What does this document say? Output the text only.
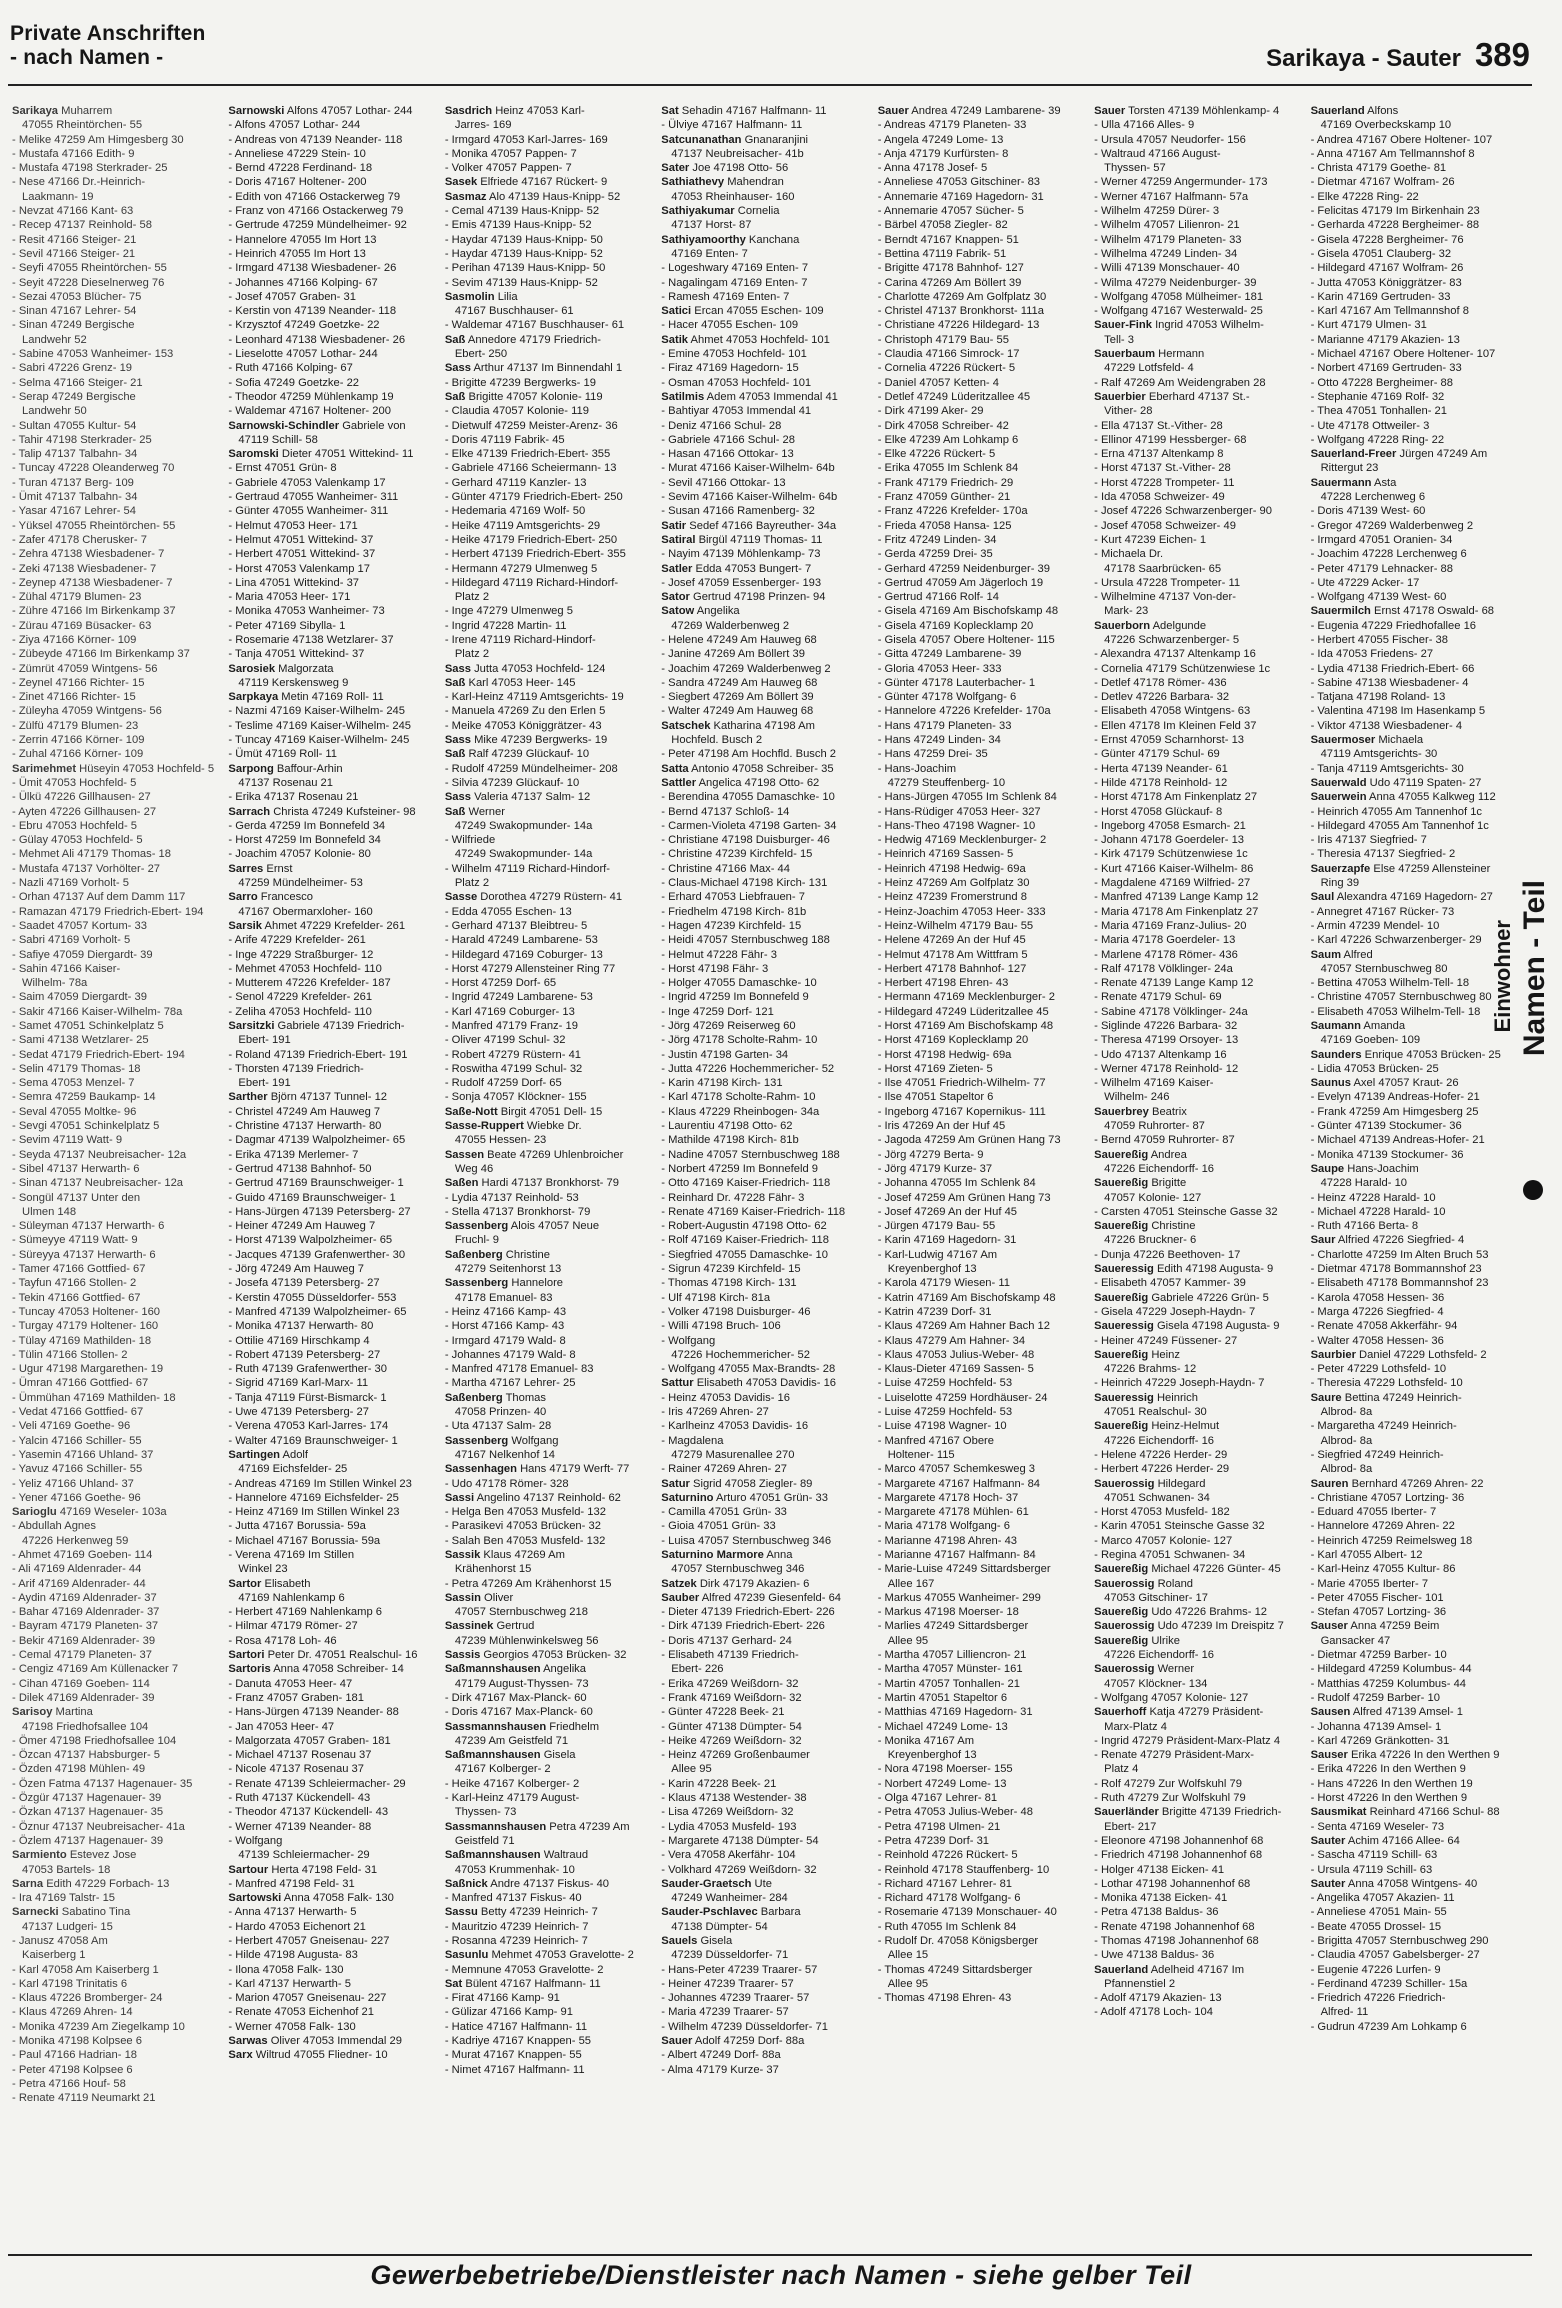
Private Anschriften
- nach Namen -	Sarikaya - Sauter 389
Sarikaya Muharrem
47055 Rheintörchen- 55
- Melike 47259 Am Himgesberg 30
- Mustafa 47166 Edith- 9
- Mustafa 47198 Sterkrader- 25
- Nese 47166 Dr.-Heinrich-
Laakmann- 19
- Nevzat 47166 Kant- 63
- Recep 47137 Reinhold- 58
- Resit 47166 Steiger- 21
- Sevil 47166 Steiger- 21
- Seyfi 47055 Rheintörchen- 55
- Seyit 47228 Dieselnerweg 76
- Sezai 47053 Blücher- 75
- Sinan 47167 Lehrer- 54
- Sinan 47249 Bergische
Landwehr 52
- Sabine 47053 Wanheimer- 153
- Sabri 47226 Grenz- 19
- Selma 47166 Steiger- 21
- Serap 47249 Bergische
Landwehr 50
- Sultan 47055 Kultur- 54
- Tahir 47198 Sterkrader- 25
- Talip 47137 Talbahn- 34
- Tuncay 47228 Oleanderweg 70
- Turan 47137 Berg- 109
- Ümit 47137 Talbahn- 34
- Yasar 47167 Lehrer- 54
- Yüksel 47055 Rheintörchen- 55
- Zafer 47178 Cherusker- 7
- Zehra 47138 Wiesbadener- 7
- Zeki 47138 Wiesbadener- 7
- Zeynep 47138 Wiesbadener- 7
- Zühal 47179 Blumen- 23
- Zühre 47166 Im Birkenkamp 37
- Zürau 47169 Büsacker- 63
- Ziya 47166 Körner- 109
- Zübeyde 47166 Im Birkenkamp 37
- Zümrüt 47059 Wintgens- 56
- Zeynel 47166 Richter- 15
- Zinet 47166 Richter- 15
- Züleyha 47059 Wintgens- 56
- Zülfü 47179 Blumen- 23
- Zerrin 47166 Körner- 109
- Zuhal 47166 Körner- 109
Sarimehmet Hüseyin 47053 Hochfeld- 5
- Ümit 47053 Hochfeld- 5
- Ülkü 47226 Gillhausen- 27
- Ayten 47226 Gillhausen- 27
- Ebru 47053 Hochfeld- 5
- Gülay 47053 Hochfeld- 5
- Mehmet Ali 47179 Thomas- 18
- Mustafa 47137 Vorhölter- 27
- Nazli 47169 Vorholt- 5
- Orhan 47137 Auf dem Damm 117
- Ramazan 47179 Friedrich-Ebert- 194
- Saadet 47057 Kortum- 33
- Sabri 47169 Vorholt- 5
- Safiye 47059 Diergardt- 39
- Sahin 47166 Kaiser-
Wilhelm- 78a
- Saim 47059 Diergardt- 39
- Sakir 47166 Kaiser-Wilhelm- 78a
- Samet 47051 Schinkelplatz 5
- Sami 47138 Wetzlarer- 25
- Sedat 47179 Friedrich-Ebert- 194
- Selin 47179 Thomas- 18
- Sema 47053 Menzel- 7
- Semra 47259 Baukamp- 14
- Seval 47055 Moltke- 96
- Sevgi 47051 Schinkelplatz 5
- Sevim 47119 Watt- 9
- Seyda 47137 Neubreisacher- 12a
- Sibel 47137 Herwarth- 6
- Sinan 47137 Neubreisacher- 12a
- Songül 47137 Unter den
Ulmen 148
- Süleyman 47137 Herwarth- 6
- Sümeyye 47119 Watt- 9
- Süreyya 47137 Herwarth- 6
- Tamer 47166 Gottfied- 67
- Tayfun 47166 Stollen- 2
- Tekin 47166 Gottfied- 67
- Tuncay 47053 Holtener- 160
- Turgay 47179 Holtener- 160
- Tülay 47169 Mathilden- 18
- Tülin 47166 Stollen- 2
- Ugur 47198 Margarethen- 19
- Ümran 47166 Gottfied- 67
- Ümmühan 47169 Mathilden- 18
- Vedat 47166 Gottfied- 67
- Veli 47169 Goethe- 96
- Yalcin 47166 Schiller- 55
- Yasemin 47166 Uhland- 37
- Yavuz 47166 Schiller- 55
- Yeliz 47166 Uhland- 37
- Yener 47166 Goethe- 96
Sarioglu 47169 Weseler- 103a
- Abdullah Agnes
47226 Herkenweg 59
- Ahmet 47169 Goeben- 114
- Ali 47169 Aldenrader- 44
- Arif 47169 Aldenrader- 44
- Aydin 47169 Aldenrader- 37
- Bahar 47169 Aldenrader- 37
- Bayram 47179 Planeten- 37
- Bekir 47169 Aldenrader- 39
- Cemal 47179 Planeten- 37
- Cengiz 47169 Am Küllenacker 7
- Cihan 47169 Goeben- 114
- Dilek 47169 Aldenrader- 39
Sarisoy Martina
47198 Friedhofsallee 104
- Ömer 47198 Friedhofsallee 104
- Özcan 47137 Habsburger- 5
- Özden 47198 Mühlen- 49
- Özen Fatma 47137 Hagenauer- 35
- Özgür 47137 Hagenauer- 39
- Özkan 47137 Hagenauer- 35
- Öznur 47137 Neubreisacher- 41a
- Özlem 47137 Hagenauer- 39
Sarmiento Estevez Jose
47053 Bartels- 18
Sarna Edith 47229 Forbach- 13
- Ira 47169 Talstr- 15
Sarnecki Sabatino Tina
47137 Ludgeri- 15
- Janusz 47058 Am
Kaiserberg 1
- Karl 47058 Am Kaiserberg 1
- Karl 47198 Trinitatis 6
- Klaus 47226 Bromberger- 24
- Klaus 47269 Ahren- 14
- Monika 47239 Am Ziegelkamp 10
- Monika 47198 Kolpsee 6
- Paul 47166 Hadrian- 18
- Peter 47198 Kolpsee 6
- Petra 47166 Houf- 58
- Renate 47119 Neumarkt 21
Sarnowski Alfons 47057 Lothar- 244
- Alfons 47057 Lothar- 244
- Andreas von 47139 Neander- 118
- Anneliese 47229 Stein- 10
- Bernd 47228 Ferdinand- 18
- Doris 47167 Holtener- 200
- Edith von 47166 Ostackerweg 79
- Franz von 47166 Ostackerweg 79
- Gertrude 47259 Mündelheimer- 92
- Hannelore 47055 Im Hort 13
- Heinrich 47055 Im Hort 13
- Irmgard 47138 Wiesbadener- 26
- Johannes 47166 Kolping- 67
- Josef 47057 Graben- 31
- Kerstin von 47139 Neander- 118
- Krzysztof 47249 Goetzke- 22
- Leonhard 47138 Wiesbadener- 26
- Lieselotte 47057 Lothar- 244
- Ruth 47166 Kolping- 67
- Sofia 47249 Goetzke- 22
- Theodor 47259 Mühlenkamp 19
- Waldemar 47167 Holtener- 200
Sarnowski-Schindler Gabriele von
47119 Schill- 58
Saromski Dieter 47051 Wittekind- 11
- Ernst 47051 Grün- 8
- Gabriele 47053 Valenkamp 17
- Gertraud 47055 Wanheimer- 311
- Günter 47055 Wanheimer- 311
- Helmut 47053 Heer- 171
- Helmut 47051 Wittekind- 37
- Herbert 47051 Wittekind- 37
- Horst 47053 Valenkamp 17
- Lina 47051 Wittekind- 37
- Maria 47053 Heer- 171
- Monika 47053 Wanheimer- 73
- Peter 47169 Sibylla- 1
- Rosemarie 47138 Wetzlarer- 37
- Tanja 47051 Wittekind- 37
Sarosiek Malgorzata
47119 Kerskensweg 9
Sarpkaya Metin 47169 Roll- 11
- Nazmi 47169 Kaiser-Wilhelm- 245
- Teslime 47169 Kaiser-Wilhelm- 245
- Tuncay 47169 Kaiser-Wilhelm- 245
- Ümüt 47169 Roll- 11
Sarpong Baffour-Arhin
47137 Rosenau 21
- Erika 47137 Rosenau 21
Sarrach Christa 47249 Kufsteiner- 98
- Gerda 47259 Im Bonnefeld 34
- Horst 47259 Im Bonnefeld 34
- Joachim 47057 Kolonie- 80
Sarres Ernst
47259 Mündelheimer- 53
Sarro Francesco
47167 Obermarxloher- 160
Sarsik Ahmet 47229 Krefelder- 261
- Arife 47229 Krefelder- 261
- Inge 47229 Straßburger- 12
- Mehmet 47053 Hochfeld- 110
- Mutterem 47226 Krefelder- 187
- Senol 47229 Krefelder- 261
- Zeliha 47053 Hochfeld- 110
Sarsitzki Gabriele 47139 Friedrich-
Ebert- 191
- Roland 47139 Friedrich-Ebert- 191
- Thorsten 47139 Friedrich-
Ebert- 191
Sarther Björn 47137 Tunnel- 12
- Christel 47249 Am Hauweg 7
- Christine 47137 Herwarth- 80
- Dagmar 47139 Walpolzheimer- 65
- Erika 47139 Merlemer- 7
- Gertrud 47138 Bahnhof- 50
- Gertrud 47169 Braunschweiger- 1
- Guido 47169 Braunschweiger- 1
- Hans-Jürgen 47139 Petersberg- 27
- Heiner 47249 Am Hauweg 7
- Horst 47139 Walpolzheimer- 65
- Jacques 47139 Grafenwerther- 30
- Jörg 47249 Am Hauweg 7
- Josefa 47139 Petersberg- 27
- Kerstin 47055 Düsseldorfer- 553
- Manfred 47139 Walpolzheimer- 65
- Monika 47137 Herwarth- 80
- Ottilie 47169 Hirschkamp 4
- Robert 47139 Petersberg- 27
- Ruth 47139 Grafenwerther- 30
- Sigrid 47169 Karl-Marx- 11
- Tanja 47119 Fürst-Bismarck- 1
- Uwe 47139 Petersberg- 27
- Verena 47053 Karl-Jarres- 174
- Walter 47169 Braunschweiger- 1
Sartingen Adolf
47169 Eichsfelder- 25
- Andreas 47169 Im Stillen Winkel 23
- Hannelore 47169 Eichsfelder- 25
- Heinz 47169 Im Stillen Winkel 23
- Jutta 47167 Borussia- 59a
- Michael 47167 Borussia- 59a
- Verena 47169 Im Stillen
Winkel 23
Sartor Elisabeth
47169 Nahlenkamp 6
- Herbert 47169 Nahlenkamp 6
- Hilmar 47179 Römer- 27
- Rosa 47178 Loh- 46
Sartori Peter Dr. 47051 Realschul- 16
Sartoris Anna 47058 Schreiber- 14
- Danuta 47053 Heer- 47
- Franz 47057 Graben- 181
- Hans-Jürgen 47139 Neander- 88
- Jan 47053 Heer- 47
- Malgorzata 47057 Graben- 181
- Michael 47137 Rosenau 37
- Nicole 47137 Rosenau 37
- Renate 47139 Schleiermacher- 29
- Ruth 47137 Kückendell- 43
- Theodor 47137 Kückendell- 43
- Werner 47139 Neander- 88
- Wolfgang
47139 Schleiermacher- 29
Sartour Herta 47198 Feld- 31
- Manfred 47198 Feld- 31
Sartowski Anna 47058 Falk- 130
- Anna 47137 Herwarth- 5
- Hardo 47053 Eichenort 21
- Herbert 47057 Gneisenau- 227
- Hilde 47198 Augusta- 83
- Ilona 47058 Falk- 130
- Karl 47137 Herwarth- 5
- Marion 47057 Gneisenau- 227
- Renate 47053 Eichenhof 21
- Werner 47058 Falk- 130
Sarwas Oliver 47053 Immendal 29
Sarx Wiltrud 47055 Fliedner- 10
Sasdrich Heinz 47053 Karl-
Jarres- 169
- Irmgard 47053 Karl-Jarres- 169
- Monika 47057 Pappen- 7
- Volker 47057 Pappen- 7
Sasek Elfriede 47167 Rückert- 9
Sasmaz Alo 47139 Haus-Knipp- 52
- Cemal 47139 Haus-Knipp- 52
- Emis 47139 Haus-Knipp- 52
- Haydar 47139 Haus-Knipp- 50
- Haydar 47139 Haus-Knipp- 52
- Perihan 47139 Haus-Knipp- 50
- Sevim 47139 Haus-Knipp- 52
Sasmolin Lilia
47167 Buschhauser- 61
- Waldemar 47167 Buschhauser- 61
Saß Annedore 47179 Friedrich-
Ebert- 250
Sass Arthur 47137 Im Binnendahl 1
- Brigitte 47239 Bergwerks- 19
Saß Brigitte 47057 Kolonie- 119
- Claudia 47057 Kolonie- 119
- Dietwulf 47259 Meister-Arenz- 36
- Doris 47119 Fabrik- 45
- Elke 47139 Friedrich-Ebert- 355
- Gabriele 47166 Scheiermann- 13
- Gerhard 47119 Kanzler- 13
- Günter 47179 Friedrich-Ebert- 250
- Hedemaria 47169 Wolf- 50
- Heike 47119 Amtsgerichts- 29
- Heike 47179 Friedrich-Ebert- 250
- Herbert 47139 Friedrich-Ebert- 355
- Hermann 47279 Ulmenweg 5
- Hildegard 47119 Richard-Hindorf-
Platz 2
- Inge 47279 Ulmenweg 5
- Ingrid 47228 Martin- 11
- Irene 47119 Richard-Hindorf-
Platz 2
Sass Jutta 47053 Hochfeld- 124
Saß Karl 47053 Heer- 145
- Karl-Heinz 47119 Amtsgerichts- 19
- Manuela 47269 Zu den Erlen 5
- Meike 47053 Königgrätzer- 43
Sass Mike 47239 Bergwerks- 19
Saß Ralf 47239 Glückauf- 10
- Rudolf 47259 Mündelheimer- 208
- Silvia 47239 Glückauf- 10
Sass Valeria 47137 Salm- 12
Saß Werner
47249 Swakopmunder- 14a
- Wilfriede
47249 Swakopmunder- 14a
- Wilhelm 47119 Richard-Hindorf-
Platz 2
Sasse Dorothea 47279 Rüstern- 41
- Edda 47055 Eschen- 13
- Gerhard 47137 Bleibtreu- 5
- Harald 47249 Lambarene- 53
- Hildegard 47169 Coburger- 13
- Horst 47279 Allensteiner Ring 77
- Horst 47259 Dorf- 65
- Ingrid 47249 Lambarene- 53
- Karl 47169 Coburger- 13
- Manfred 47179 Franz- 19
- Oliver 47199 Schul- 32
- Robert 47279 Rüstern- 41
- Roswitha 47199 Schul- 32
- Rudolf 47259 Dorf- 65
- Sonja 47057 Klöckner- 155
Saße-Nott Birgit 47051 Dell- 15
Sasse-Ruppert Wiebke Dr.
47055 Hessen- 23
Sassen Beate 47269 Uhlenbroicher
Weg 46
Saßen Hardi 47137 Bronkhorst- 79
- Lydia 47137 Reinhold- 53
- Stella 47137 Bronkhorst- 79
Sassenberg Alois 47057 Neue
Fruchl- 9
Saßenberg Christine
47279 Seitenhorst 13
Sassenberg Hannelore
47178 Emanuel- 83
- Heinz 47166 Kamp- 43
- Horst 47166 Kamp- 43
- Irmgard 47179 Wald- 8
- Johannes 47179 Wald- 8
- Manfred 47178 Emanuel- 83
- Martha 47167 Lehrer- 25
Saßenberg Thomas
47058 Prinzen- 40
- Uta 47137 Salm- 28
Sassenberg Wolfgang
47167 Nelkenhof 14
Sassenhagen Hans 47179 Werft- 77
- Udo 47178 Römer- 328
Sassi Angelino 47137 Reinhold- 62
- Helga Ben 47053 Musfeld- 132
- Parasikevi 47053 Brücken- 32
- Salah Ben 47053 Musfeld- 132
Sassik Klaus 47269 Am
Krähenhorst 15
- Petra 47269 Am Krähenhorst 15
Sassin Oliver
47057 Sternbuschweg 218
Sassinek Gertrud
47239 Mühlenwinkelsweg 56
Sassis Georgios 47053 Brücken- 32
Saßmannshausen Angelika
47179 August-Thyssen- 73
- Dirk 47167 Max-Planck- 60
- Doris 47167 Max-Planck- 60
Sassmannshausen Friedhelm
47239 Am Geistfeld 71
Saßmannshausen Gisela
47167 Kolberger- 2
- Heike 47167 Kolberger- 2
- Karl-Heinz 47179 August-
Thyssen- 73
Sassmannshausen Petra 47239 Am
Geistfeld 71
Saßmannshausen Waltraud
47053 Krummenhak- 10
Saßnick Andre 47137 Fiskus- 40
- Manfred 47137 Fiskus- 40
Sassu Betty 47239 Heinrich- 7
- Mauritzio 47239 Heinrich- 7
- Rosanna 47239 Heinrich- 7
Sasunlu Mehmet 47053 Gravelotte- 2
- Memnune 47053 Gravelotte- 2
Sat Bülent 47167 Halfmann- 11
- Firat 47166 Kamp- 91
- Gülizar 47166 Kamp- 91
- Hatice 47167 Halfmann- 11
- Kadriye 47167 Knappen- 55
- Murat 47167 Knappen- 55
- Nimet 47167 Halfmann- 11
Sat Sehadin 47167 Halfmann- 11
- Ülviye 47167 Halfmann- 11
Satcunanathan Gnanaranjini
47137 Neubreisacher- 41b
Sater Joe 47198 Otto- 56
Sathiathevy Mahendran
47053 Rheinhauser- 160
Sathiyakumar Cornelia
47137 Horst- 87
Sathiyamoorthy Kanchana
47169 Enten- 7
- Logeshwary 47169 Enten- 7
- Nagalingam 47169 Enten- 7
- Ramesh 47169 Enten- 7
Satici Ercan 47055 Eschen- 109
- Hacer 47055 Eschen- 109
Satik Ahmet 47053 Hochfeld- 101
- Emine 47053 Hochfeld- 101
- Firaz 47169 Hagedorn- 15
- Osman 47053 Hochfeld- 101
Satilmis Adem 47053 Immendal 41
- Bahtiyar 47053 Immendal 41
- Deniz 47166 Schul- 28
- Gabriele 47166 Schul- 28
- Hasan 47166 Ottokar- 13
- Murat 47166 Kaiser-Wilhelm- 64b
- Sevil 47166 Ottokar- 13
- Sevim 47166 Kaiser-Wilhelm- 64b
- Susan 47166 Ramenberg- 32
Satir Sedef 47166 Bayreuther- 34a
Satiral Birgül 47119 Thomas- 11
- Nayim 47139 Möhlenkamp- 73
Satler Edda 47053 Bungert- 7
- Josef 47059 Essenberger- 193
Sator Gertrud 47198 Prinzen- 94
Satow Angelika
47269 Walderbenweg 2
- Helene 47249 Am Hauweg 68
- Janine 47269 Am Böllert 39
- Joachim 47269 Walderbenweg 2
- Sandra 47249 Am Hauweg 68
- Siegbert 47269 Am Böllert 39
- Walter 47249 Am Hauweg 68
Satschek Katharina 47198 Am
Hochfeld. Busch 2
- Peter 47198 Am Hochfld. Busch 2
Satta Antonio 47058 Schreiber- 35
Sattler Angelica 47198 Otto- 62
- Berendina 47055 Damaschke- 10
- Bernd 47137 Schloß- 14
- Carmen-Violeta 47198 Garten- 34
- Christiane 47198 Duisburger- 46
- Christine 47239 Kirchfeld- 15
- Christine 47166 Max- 44
- Claus-Michael 47198 Kirch- 131
- Erhard 47053 Liebfrauen- 7
- Friedhelm 47198 Kirch- 81b
- Hagen 47239 Kirchfeld- 15
- Heidi 47057 Sternbuschweg 188
- Helmut 47228 Fähr- 3
- Horst 47198 Fähr- 3
- Holger 47055 Damaschke- 10
- Ingrid 47259 Im Bonnefeld 9
- Inge 47259 Dorf- 121
- Jörg 47269 Reiserweg 60
- Jörg 47178 Scholte-Rahm- 10
- Justin 47198 Garten- 34
- Jutta 47226 Hochemmericher- 52
- Karin 47198 Kirch- 131
- Karl 47178 Scholte-Rahm- 10
- Klaus 47229 Rheinbogen- 34a
- Laurentiu 47198 Otto- 62
- Mathilde 47198 Kirch- 81b
- Nadine 47057 Sternbuschweg 188
- Norbert 47259 Im Bonnefeld 9
- Otto 47169 Kaiser-Friedrich- 118
- Reinhard Dr. 47228 Fähr- 3
- Renate 47169 Kaiser-Friedrich- 118
- Robert-Augustin 47198 Otto- 62
- Rolf 47169 Kaiser-Friedrich- 118
- Siegfried 47055 Damaschke- 10
- Sigrun 47239 Kirchfeld- 15
- Thomas 47198 Kirch- 131
- Ulf 47198 Kirch- 81a
- Volker 47198 Duisburger- 46
- Willi 47198 Bruch- 106
- Wolfgang
47226 Hochemmericher- 52
- Wolfgang 47055 Max-Brandts- 28
Sattur Elisabeth 47053 Davidis- 16
- Heinz 47053 Davidis- 16
- Iris 47269 Ahren- 27
- Karlheinz 47053 Davidis- 16
- Magdalena
47279 Masurenallee 270
- Rainer 47269 Ahren- 27
Satur Sigrid 47058 Ziegler- 89
Saturnino Arturo 47051 Grün- 33
- Camilla 47051 Grün- 33
- Gioia 47051 Grün- 33
- Luisa 47057 Sternbuschweg 346
Saturnino Marmore Anna
47057 Sternbuschweg 346
Satzek Dirk 47179 Akazien- 6
Sauber Alfred 47239 Giesenfeld- 64
- Dieter 47139 Friedrich-Ebert- 226
- Dirk 47139 Friedrich-Ebert- 226
- Doris 47137 Gerhard- 24
- Elisabeth 47139 Friedrich-
Ebert- 226
- Erika 47269 Weißdorn- 32
- Frank 47169 Weißdorn- 32
- Günter 47228 Beek- 21
- Günter 47138 Dümpter- 54
- Heike 47269 Weißdorn- 32
- Heinz 47269 Großenbaumer
Allee 95
- Karin 47228 Beek- 21
- Klaus 47138 Westender- 38
- Lisa 47269 Weißdorn- 32
- Lydia 47053 Musfeld- 193
- Margarete 47138 Dümpter- 54
- Vera 47058 Akerfähr- 104
- Volkhard 47269 Weißdorn- 32
Sauder-Graetsch Ute
47249 Wanheimer- 284
Sauder-Pschlavec Barbara
47138 Dümpter- 54
Sauels Gisela
47239 Düsseldorfer- 71
- Hans-Peter 47239 Traarer- 57
- Heiner 47239 Traarer- 57
- Johannes 47239 Traarer- 57
- Maria 47239 Traarer- 57
- Wilhelm 47239 Düsseldorfer- 71
Sauer Adolf 47259 Dorf- 88a
- Albert 47249 Dorf- 88a
- Alma 47179 Kurze- 37
Sauer Andrea 47249 Lambarene- 39
- Andreas 47179 Planeten- 33
- Angela 47249 Lome- 13
- Anja 47179 Kurfürsten- 8
- Anna 47178 Josef- 5
- Anneliese 47053 Gitschiner- 83
- Annemarie 47169 Hagedorn- 31
- Annemarie 47057 Sücher- 5
- Bärbel 47058 Ziegler- 82
- Berndt 47167 Knappen- 51
- Bettina 47119 Fabrik- 51
- Brigitte 47178 Bahnhof- 127
- Carina 47269 Am Böllert 39
- Charlotte 47269 Am Golfplatz 30
- Christel 47137 Bronkhorst- 111a
- Christiane 47226 Hildegard- 13
- Christoph 47179 Bau- 55
- Claudia 47166 Simrock- 17
- Cornelia 47226 Rückert- 5
- Daniel 47057 Ketten- 4
- Detlef 47249 Lüderitzallee 45
- Dirk 47199 Aker- 29
- Dirk 47058 Schreiber- 42
- Elke 47239 Am Lohkamp 6
- Elke 47226 Rückert- 5
- Erika 47055 Im Schlenk 84
- Frank 47179 Friedrich- 29
- Franz 47059 Günther- 21
- Franz 47226 Krefelder- 170a
- Frieda 47058 Hansa- 125
- Fritz 47249 Linden- 34
- Gerda 47259 Drei- 35
- Gerhard 47259 Neidenburger- 39
- Gertrud 47059 Am Jägerloch 19
- Gertrud 47166 Rolf- 14
- Gisela 47169 Am Bischofskamp 48
- Gisela 47169 Koplecklamp 20
- Gisela 47057 Obere Holtener- 115
- Gitta 47249 Lambarene- 39
- Gloria 47053 Heer- 333
- Günter 47178 Lauterbacher- 1
- Günter 47178 Wolfgang- 6
- Hannelore 47226 Krefelder- 170a
- Hans 47179 Planeten- 33
- Hans 47249 Linden- 34
- Hans 47259 Drei- 35
- Hans-Joachim
47279 Steuffenberg- 10
- Hans-Jürgen 47055 Im Schlenk 84
- Hans-Rüdiger 47053 Heer- 327
- Hans-Theo 47198 Wagner- 10
- Hedwig 47169 Mecklenburger- 2
- Heinrich 47169 Sassen- 5
- Heinrich 47198 Hedwig- 69a
- Heinz 47269 Am Golfplatz 30
- Heinz 47239 Fromerstrund 8
- Heinz-Joachim 47053 Heer- 333
- Heinz-Wilhelm 47179 Bau- 55
- Helene 47269 An der Huf 45
- Helmut 47178 Am Wittfram 5
- Herbert 47178 Bahnhof- 127
- Herbert 47198 Ehren- 43
- Hermann 47169 Mecklenburger- 2
- Hildegard 47249 Lüderitzallee 45
- Horst 47169 Am Bischofskamp 48
- Horst 47169 Koplecklamp 20
- Horst 47198 Hedwig- 69a
- Horst 47169 Zieten- 5
- Ilse 47051 Friedrich-Wilhelm- 77
- Ilse 47051 Stapeltor 6
- Ingeborg 47167 Kopernikus- 111
- Iris 47269 An der Huf 45
- Jagoda 47259 Am Grünen Hang 73
- Jörg 47279 Berta- 9
- Jörg 47179 Kurze- 37
- Johanna 47055 Im Schlenk 84
- Josef 47259 Am Grünen Hang 73
- Josef 47269 An der Huf 45
- Jürgen 47179 Bau- 55
- Karin 47169 Hagedorn- 31
- Karl-Ludwig 47167 Am
Kreyenberghof 13
- Karola 47179 Wiesen- 11
- Katrin 47169 Am Bischofskamp 48
- Katrin 47239 Dorf- 31
- Klaus 47269 Am Hahner Bach 12
- Klaus 47279 Am Hahner- 34
- Klaus 47053 Julius-Weber- 48
- Klaus-Dieter 47169 Sassen- 5
- Luise 47259 Hochfeld- 53
- Luiselotte 47259 Hordhäuser- 24
- Luise 47259 Hochfeld- 53
- Luise 47198 Wagner- 10
- Manfred 47167 Obere
Holtener- 115
- Marco 47057 Schemkesweg 3
- Margarete 47167 Halfmann- 84
- Margarete 47178 Hoch- 37
- Margarete 47178 Mühlen- 61
- Maria 47178 Wolfgang- 6
- Marianne 47198 Ahren- 43
- Marianne 47167 Halfmann- 84
- Marie-Luise 47249 Sittardsberger
Allee 167
- Markus 47055 Wanheimer- 299
- Markus 47198 Moerser- 18
- Marlies 47249 Sittardsberger
Allee 95
- Martha 47057 Lilliencron- 21
- Martha 47057 Münster- 161
- Martin 47057 Tonhallen- 21
- Martin 47051 Stapeltor 6
- Matthias 47169 Hagedorn- 31
- Michael 47249 Lome- 13
- Monika 47167 Am
Kreyenberghof 13
- Nora 47198 Moerser- 155
- Norbert 47249 Lome- 13
- Olga 47167 Lehrer- 81
- Petra 47053 Julius-Weber- 48
- Petra 47198 Ulmen- 21
- Petra 47239 Dorf- 31
- Reinhold 47226 Rückert- 5
- Reinhold 47178 Stauffenberg- 10
- Richard 47167 Lehrer- 81
- Richard 47178 Wolfgang- 6
- Rosemarie 47139 Monschauer- 40
- Ruth 47055 Im Schlenk 84
- Rudolf Dr. 47058 Königsberger
Allee 15
- Thomas 47249 Sittardsberger
Allee 95
- Thomas 47198 Ehren- 43
Sauer Torsten 47139 Möhlenkamp- 4
- Ulla 47166 Alles- 9
- Ursula 47057 Neudorfer- 156
- Waltraud 47166 August-
Thyssen- 57
- Werner 47259 Angermunder- 173
- Werner 47167 Halfmann- 57a
- Wilhelm 47259 Dürer- 3
- Wilhelm 47057 Lilienron- 21
- Wilhelm 47179 Planeten- 33
- Wilhelma 47249 Linden- 34
- Willi 47139 Monschauer- 40
- Wilma 47279 Neidenburger- 39
- Wolfgang 47058 Mülheimer- 181
- Wolfgang 47167 Westerwald- 25
Sauer-Fink Ingrid 47053 Wilhelm-
Tell- 3
Sauerbaum Hermann
47229 Lotfsfeld- 4
- Ralf 47269 Am Weidengraben 28
Sauerbier Eberhard 47137 St.-
Vither- 28
- Ella 47137 St.-Vither- 28
- Ellinor 47199 Hessberger- 68
- Erna 47137 Altenkamp 8
- Horst 47137 St.-Vither- 28
- Horst 47228 Trompeter- 11
- Ida 47058 Schweizer- 49
- Josef 47226 Schwarzenberger- 90
- Josef 47058 Schweizer- 49
- Kurt 47239 Eichen- 1
- Michaela Dr.
47178 Saarbrücken- 65
- Ursula 47228 Trompeter- 11
- Wilhelmine 47137 Von-der-
Mark- 23
Sauerborn Adelgunde
47226 Schwarzenberger- 5
- Alexandra 47137 Altenkamp 16
- Cornelia 47179 Schützenwiese 1c
- Detlef 47178 Römer- 436
- Detlev 47226 Barbara- 32
- Elisabeth 47058 Wintgens- 63
- Ellen 47178 Im Kleinen Feld 37
- Ernst 47059 Scharnhorst- 13
- Günter 47179 Schul- 69
- Herta 47139 Neander- 61
- Hilde 47178 Reinhold- 12
- Horst 47178 Am Finkenplatz 27
- Horst 47058 Glückauf- 8
- Ingeborg 47058 Esmarch- 21
- Johann 47178 Goerdeler- 13
- Kirk 47179 Schützenwiese 1c
- Kurt 47166 Kaiser-Wilhelm- 86
- Magdalene 47169 Wilfried- 27
- Manfred 47139 Lange Kamp 12
- Maria 47178 Am Finkenplatz 27
- Maria 47169 Franz-Julius- 20
- Maria 47178 Goerdeler- 13
- Marlene 47178 Römer- 436
- Ralf 47178 Völklinger- 24a
- Renate 47139 Lange Kamp 12
- Renate 47179 Schul- 69
- Sabine 47178 Völklinger- 24a
- Siglinde 47226 Barbara- 32
- Theresa 47199 Orsoyer- 13
- Udo 47137 Altenkamp 16
- Werner 47178 Reinhold- 12
- Wilhelm 47169 Kaiser-
Wilhelm- 246
Sauerbrey Beatrix
47059 Ruhrorter- 87
- Bernd 47059 Ruhrorter- 87
Sauereßig Andrea
47226 Eichendorff- 16
Sauereßig Brigitte
47057 Kolonie- 127
- Carsten 47051 Steinsche Gasse 32
Sauereßig Christine
47226 Bruckner- 6
- Dunja 47226 Beethoven- 17
Saueressig Edith 47198 Augusta- 9
- Elisabeth 47057 Kammer- 39
Sauereßig Gabriele 47226 Grün- 5
- Gisela 47229 Joseph-Haydn- 7
Saueressig Gisela 47198 Augusta- 9
- Heiner 47249 Füssener- 27
Sauereßig Heinz
47226 Brahms- 12
- Heinrich 47229 Joseph-Haydn- 7
Saueressig Heinrich
47051 Realschul- 30
Sauereßig Heinz-Helmut
47226 Eichendorff- 16
- Helene 47226 Herder- 29
- Herbert 47226 Herder- 29
Sauerossig Hildegard
47051 Schwanen- 34
- Horst 47053 Musfeld- 182
- Karin 47051 Steinsche Gasse 32
- Marco 47057 Kolonie- 127
- Regina 47051 Schwanen- 34
Sauereßig Michael 47226 Günter- 45
Sauerossig Roland
47053 Gitschiner- 17
Sauereßig Udo 47226 Brahms- 12
Sauerossig Udo 47239 Im Dreispitz 7
Sauereßig Ulrike
47226 Eichendorff- 16
Sauerossig Werner
47057 Klöckner- 134
- Wolfgang 47057 Kolonie- 127
Sauerhoff Katja 47279 Präsident-
Marx-Platz 4
- Ingrid 47279 Präsident-Marx-Platz 4
- Renate 47279 Präsident-Marx-
Platz 4
- Rolf 47279 Zur Wolfskuhl 79
- Ruth 47279 Zur Wolfskuhl 79
Sauerländer Brigitte 47139 Friedrich-
Ebert- 217
- Eleonore 47198 Johannenhof 68
- Friedrich 47198 Johannenhof 68
- Holger 47138 Eicken- 41
- Lothar 47198 Johannenhof 68
- Monika 47138 Eicken- 41
- Petra 47138 Baldus- 36
- Renate 47198 Johannenhof 68
- Thomas 47198 Johannenhof 68
- Uwe 47138 Baldus- 36
Sauerland Adelheid 47167 Im
Pfannenstiel 2
- Adolf 47179 Akazien- 13
- Adolf 47178 Loch- 104
Sauerland Alfons
47169 Overbeckskamp 10
- Andrea 47167 Obere Holtener- 107
- Anna 47167 Am Tellmannshof 8
- Christa 47179 Goethe- 81
- Dietmar 47167 Wolfram- 26
- Elke 47228 Ring- 22
- Felicitas 47179 Im Birkenhain 23
- Gerharda 47228 Bergheimer- 88
- Gisela 47228 Bergheimer- 76
- Gisela 47051 Clauberg- 32
- Hildegard 47167 Wolfram- 26
- Jutta 47053 Königgrätzer- 83
- Karin 47169 Gertruden- 33
- Karl 47167 Am Tellmannshof 8
- Kurt 47179 Ulmen- 31
- Marianne 47179 Akazien- 13
- Michael 47167 Obere Holtener- 107
- Norbert 47169 Gertruden- 33
- Otto 47228 Bergheimer- 88
- Stephanie 47169 Rolf- 32
- Thea 47051 Tonhallen- 21
- Ute 47178 Ottweiler- 3
- Wolfgang 47228 Ring- 22
Sauerland-Freer Jürgen 47249 Am
Rittergut 23
Sauermann Asta
47228 Lerchenweg 6
- Doris 47139 West- 60
- Gregor 47269 Walderbenweg 2
- Irmgard 47051 Oranien- 34
- Joachim 47228 Lerchenweg 6
- Peter 47179 Lehnacker- 88
- Ute 47229 Acker- 17
- Wolfgang 47139 West- 60
Sauermilch Ernst 47178 Oswald- 68
- Eugenia 47229 Friedhofallee 16
- Herbert 47055 Fischer- 38
- Ida 47053 Friedens- 27
- Lydia 47138 Friedrich-Ebert- 66
- Sabine 47138 Wiesbadener- 4
- Tatjana 47198 Roland- 13
- Valentina 47198 Im Hasenkamp 5
- Viktor 47138 Wiesbadener- 4
Sauermoser Michaela
47119 Amtsgerichts- 30
- Tanja 47119 Amtsgerichts- 30
Sauerwald Udo 47119 Spaten- 27
Sauerwein Anna 47055 Kalkweg 112
- Heinrich 47055 Am Tannenhof 1c
- Hildegard 47055 Am Tannenhof 1c
- Iris 47137 Siegfried- 7
- Theresia 47137 Siegfried- 2
Sauerzapfe Else 47259 Allensteiner
Ring 39
Saul Alexandra 47169 Hagedorn- 27
- Annegret 47167 Rücker- 73
- Armin 47239 Mendel- 10
- Karl 47226 Schwarzenberger- 29
Saum Alfred
47057 Sternbuschweg 80
- Bettina 47053 Wilhelm-Tell- 18
- Christine 47057 Sternbuschweg 80
- Elisabeth 47053 Wilhelm-Tell- 18
Saumann Amanda
47169 Goeben- 109
Saunders Enrique 47053 Brücken- 25
- Lidia 47053 Brücken- 25
Saunus Axel 47057 Kraut- 26
- Evelyn 47139 Andreas-Hofer- 21
- Frank 47259 Am Himgesberg 25
- Günter 47139 Stockumer- 36
- Michael 47139 Andreas-Hofer- 21
- Monika 47139 Stockumer- 36
Saupe Hans-Joachim
47228 Harald- 10
- Heinz 47228 Harald- 10
- Michael 47228 Harald- 10
- Ruth 47166 Berta- 8
Saur Alfried 47226 Siegfried- 4
- Charlotte 47259 Im Alten Bruch 53
- Dietmar 47178 Bommannshof 23
- Elisabeth 47178 Bommannshof 23
- Karola 47058 Hessen- 36
- Marga 47226 Siegfried- 4
- Renate 47058 Akkerfähr- 94
- Walter 47058 Hessen- 36
Saurbier Daniel 47229 Lothsfeld- 2
- Peter 47229 Lothsfeld- 10
- Theresia 47229 Lothsfeld- 10
Saure Bettina 47249 Heinrich-
Albrod- 8a
- Margaretha 47249 Heinrich-
Albrod- 8a
- Siegfried 47249 Heinrich-
Albrod- 8a
Sauren Bernhard 47269 Ahren- 22
- Christiane 47057 Lortzing- 36
- Eduard 47055 Iberter- 7
- Hannelore 47269 Ahren- 22
- Heinrich 47259 Reimelsweg 18
- Karl 47055 Albert- 12
- Karl-Heinz 47055 Kultur- 86
- Marie 47055 Iberter- 7
- Peter 47055 Fischer- 101
- Stefan 47057 Lortzing- 36
Sauser Anna 47259 Beim
Gansacker 47
- Dietmar 47259 Barber- 10
- Hildegard 47259 Kolumbus- 44
- Matthias 47259 Kolumbus- 44
- Rudolf 47259 Barber- 10
Sausen Alfred 47139 Amsel- 1
- Johanna 47139 Amsel- 1
- Karl 47269 Gränkotten- 31
Sauser Erika 47226 In den Werthen 9
- Erika 47226 In den Werthen 9
- Hans 47226 In den Werthen 19
- Horst 47226 In den Werthen 9
Sausmikat Reinhard 47166 Schul- 88
- Senta 47169 Weseler- 73
Sauter Achim 47166 Allee- 64
- Sascha 47119 Schill- 63
- Ursula 47119 Schill- 63
Sauter Anna 47058 Wintgens- 40
- Angelika 47057 Akazien- 11
- Anneliese 47051 Main- 55
- Beate 47055 Drossel- 15
- Brigitta 47057 Sternbuschweg 290
- Claudia 47057 Gabelsberger- 27
- Eugenie 47226 Lurfen- 9
- Ferdinand 47239 Schiller- 15a
- Friedrich 47226 Friedrich-
Alfred- 11
- Gudrun 47239 Am Lohkamp 6
Einwohner Namen - Teil
Gewerbebetriebe/Dienstleister nach Namen - siehe gelber Teil
